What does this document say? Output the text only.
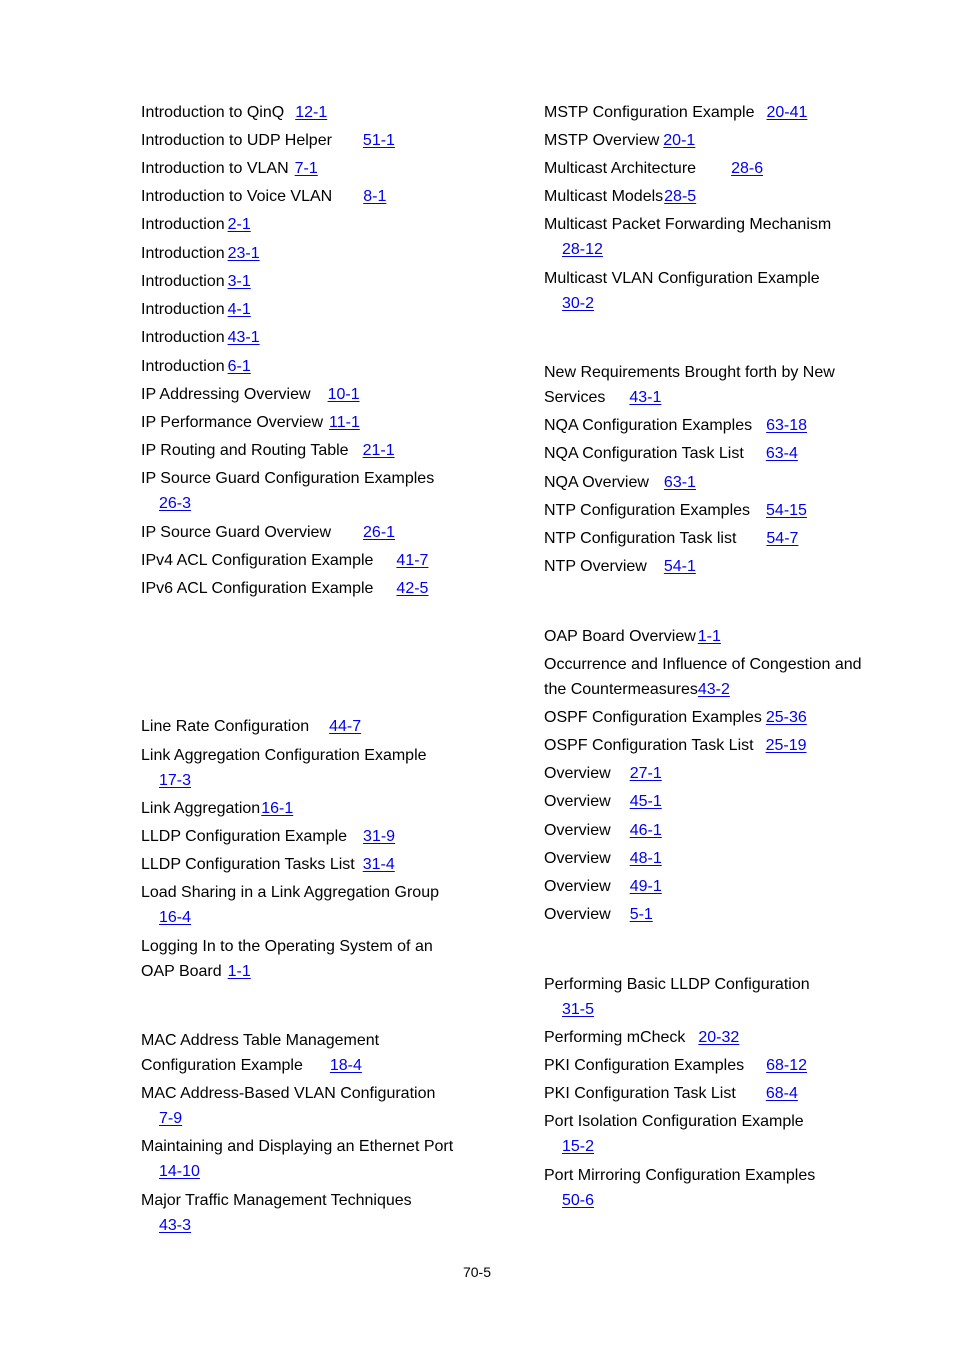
Introduction to QinQ 12-1
Introduction to UDP Helper 51-1
Introduction to VLAN 7-1
Introduction to Voice VLAN 8-1
Introduction 2-1
Introduction 23-1
Introduction 3-1
Introduction 4-1
Introduction 43-1
Introduction 6-1
IP Addressing Overview 10-1
IP Performance Overview 11-1
IP Routing and Routing Table 21-1
IP Source Guard Configuration Examples
26-3
IP Source Guard Overview 26-1
IPv4 ACL Configuration Example 41-7
IPv6 ACL Configuration Example 42-5
Line Rate Configuration 44-7
Link Aggregation Configuration Example
17-3
Link Aggregation16-1
LLDP Configuration Example 31-9
LLDP Configuration Tasks List 31-4
Load Sharing in a Link Aggregation Group
16-4
Logging In to the Operating System of an
OAP Board 1-1
MAC Address Table Management
Configuration Example 18-4
MAC Address-Based VLAN Configuration
7-9
Maintaining and Displaying an Ethernet Port
14-10
Major Traffic Management Techniques
43-3
MSTP Configuration Example 20-41
MSTP Overview 20-1
Multicast Architecture 28-6
Multicast Models28-5
Multicast Packet Forwarding Mechanism
28-12
Multicast VLAN Configuration Example
30-2
New Requirements Brought forth by New
Services 43-1
NQA Configuration Examples 63-18
NQA Configuration Task List 63-4
NQA Overview 63-1
NTP Configuration Examples 54-15
NTP Configuration Task list 54-7
NTP Overview 54-1
OAP Board Overview 1-1
Occurrence and Influence of Congestion and
the Countermeasures43-2
OSPF Configuration Examples 25-36
OSPF Configuration Task List 25-19
Overview 27-1
Overview 45-1
Overview 46-1
Overview 48-1
Overview 49-1
Overview 5-1
Performing Basic LLDP Configuration
31-5
Performing mCheck 20-32
PKI Configuration Examples 68-12
PKI Configuration Task List 68-4
Port Isolation Configuration Example
15-2
Port Mirroring Configuration Examples
50-6
70-5
